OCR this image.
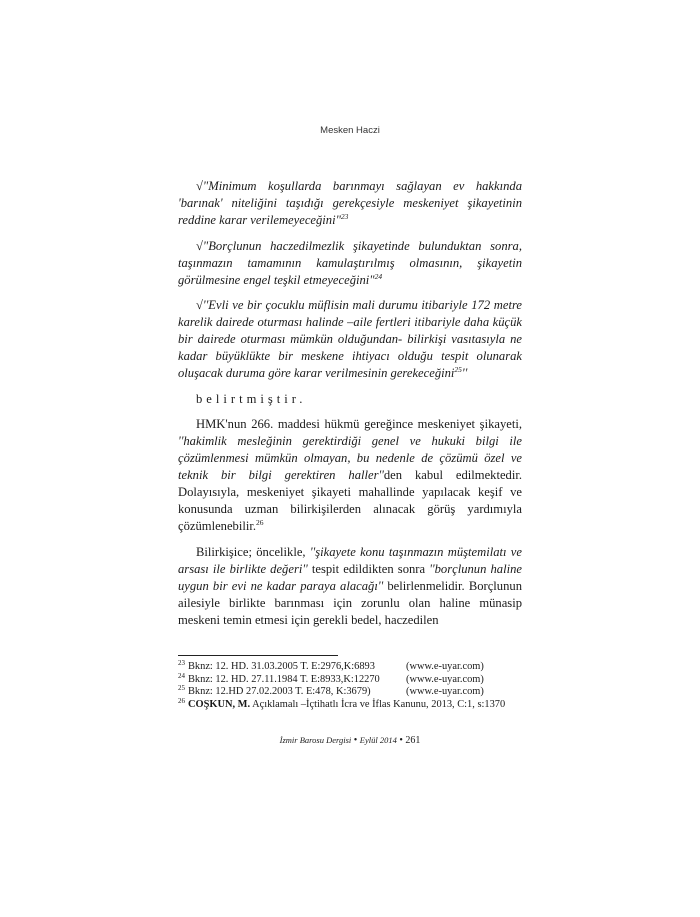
Mesken Haczi

√"Minimum koşullarda barınmayı sağlayan ev hakkında 'barınak' niteliğini taşıdığı gerekçesiyle meskeniyet şikayetinin reddine karar verilemeyeceğini"$^{23}$

√"Borçlunun haczedilmezlik şikayetinde bulunduktan sonra, taşınmazın tamamının kamulaştırılmış olmasının, şikayetin görülmesine engel teşkil etmeyeceğini"$^{24}$

√''Evli ve bir çocuklu müflisin mali durumu itibariyle 172 metre karelik dairede oturması halinde –aile fertleri itibariyle daha küçük bir dairede oturması mümkün olduğundan- bilirkişi vasıtasıyla ne kadar büyüklükte bir meskene ihtiyacı olduğu tespit olunarak oluşacak duruma göre karar verilmesinin gerekeceğini$^{25}$''

belirtmiştir.

HMK'nun 266. maddesi hükmü gereğince meskeniyet şikayeti, ''hakimlik mesleğinin gerektirdiği genel ve hukuki bilgi ile çözümlenmesi mümkün olmayan, bu nedenle de çözümü özel ve teknik bir bilgi gerektiren haller''den kabul edilmektedir. Dolayısıyla, meskeniyet şikayeti mahallinde yapılacak keşif ve konusunda uzman bilirkişilerden alınacak görüş yardımıyla çözümlenebilir.$^{26}$

Bilirkişice; öncelikle, ''şikayete konu taşınmazın müştemilatı ve arsası ile birlikte değeri'' tespit edildikten sonra ''borçlunun haline uygun bir evi ne kadar paraya alacağı'' belirlenmelidir. Borçlunun ailesiyle birlikte barınması için zorunlu olan haline münasip meskeni temin etmesi için gerekli bedel, haczedilen

$^{23}$ Bknz: 12. HD. 31.03.2005 T. E:2976,K:6893	(www.e-uyar.com)
$^{24}$ Bknz: 12. HD. 27.11.1984 T. E:8933,K:12270	(www.e-uyar.com)
$^{25}$ Bknz: 12.HD 27.02.2003 T. E:478, K:3679)	(www.e-uyar.com)
$^{26}$ COŞKUN, M. Açıklamalı –İçtihatlı İcra ve İflas Kanunu, 2013, C:1, s:1370
İzmir Barosu Dergisi • Eylül 2014 • 261
